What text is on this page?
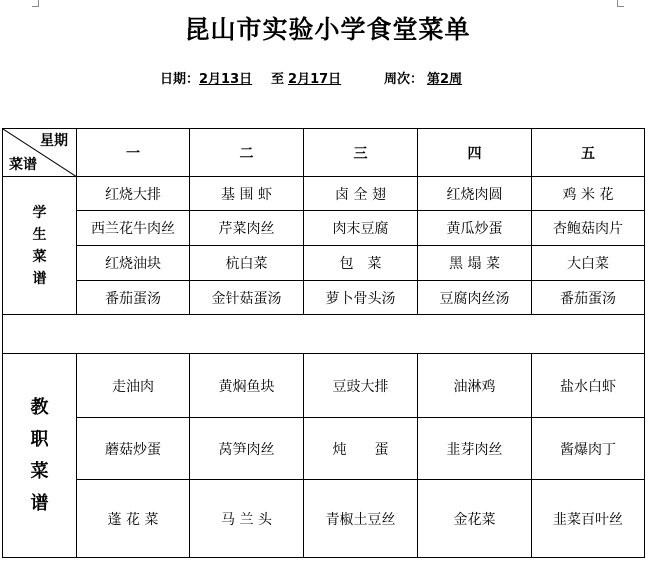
昆山市实验小学食堂菜单
日期：2月13日 至 2月17日	周次： 第2周
星期
菜谱	一	二	三	四	五

学生菜谱	红烧大排	基 围 虾	卤 全 翅	红烧肉圆	鸡 米 花
	西兰花牛肉丝	芹菜肉丝	肉末豆腐	黄瓜炒蛋	杏鲍菇肉片
	红烧油块	杭白菜	包　菜	黑 塌 菜	大白菜
	番茄蛋汤	金针菇蛋汤	萝卜骨头汤	豆腐肉丝汤	番茄蛋汤

教职菜谱	走油肉	黄焖鱼块	豆豉大排	油淋鸡	盐水白虾
	蘑菇炒蛋	莴笋肉丝	炖　　蛋	韭芽肉丝	酱爆肉丁
	蓬 花 菜	马 兰 头	青椒土豆丝	金花菜	韭菜百叶丝
